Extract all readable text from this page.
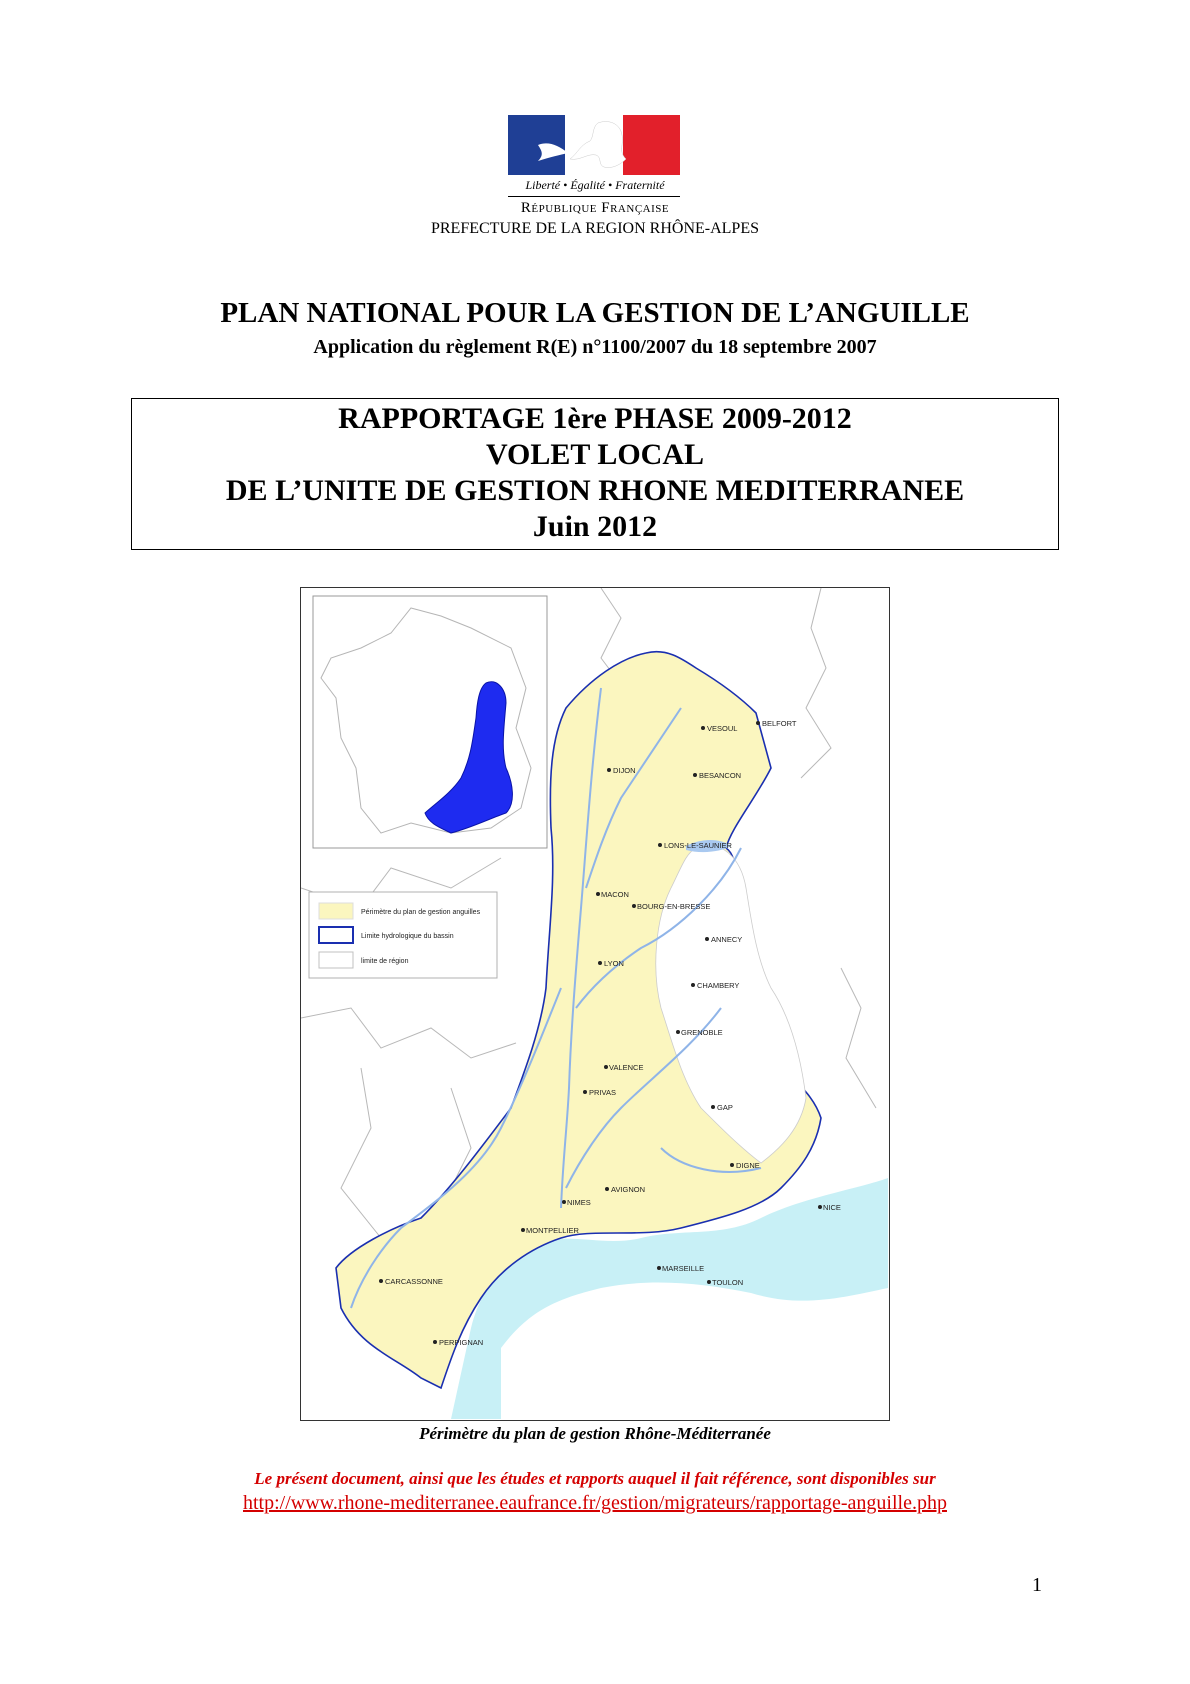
Liberté • Égalité • Fraternité
République Française
PREFECTURE DE LA REGION RHÔNE-ALPES
PLAN NATIONAL POUR LA GESTION DE L’ANGUILLE
Application du règlement R(E) n°1100/2007 du 18 septembre 2007
RAPPORTAGE 1ère PHASE 2009-2012
VOLET LOCAL
DE L’UNITE DE GESTION RHONE MEDITERRANEE
Juin 2012
Périmètre du plan de gestion anguilles
Limite hydrologique du bassin
limite de région
BELFORT
VESOUL
DIJON
BESANCON
LONS-LE-SAUNIER
MACON
BOURG-EN-BRESSE
ANNECY
LYON
CHAMBERY
GRENOBLE
VALENCE
PRIVAS
GAP
DIGNE
AVIGNON
NIMES
NICE
MONTPELLIER
MARSEILLE
TOULON
CARCASSONNE
PERPIGNAN
Périmètre du plan de gestion Rhône-Méditerranée
Le présent document, ainsi que les études et rapports auquel il fait référence, sont disponibles sur
http://www.rhone-mediterranee.eaufrance.fr/gestion/migrateurs/rapportage-anguille.php
1
